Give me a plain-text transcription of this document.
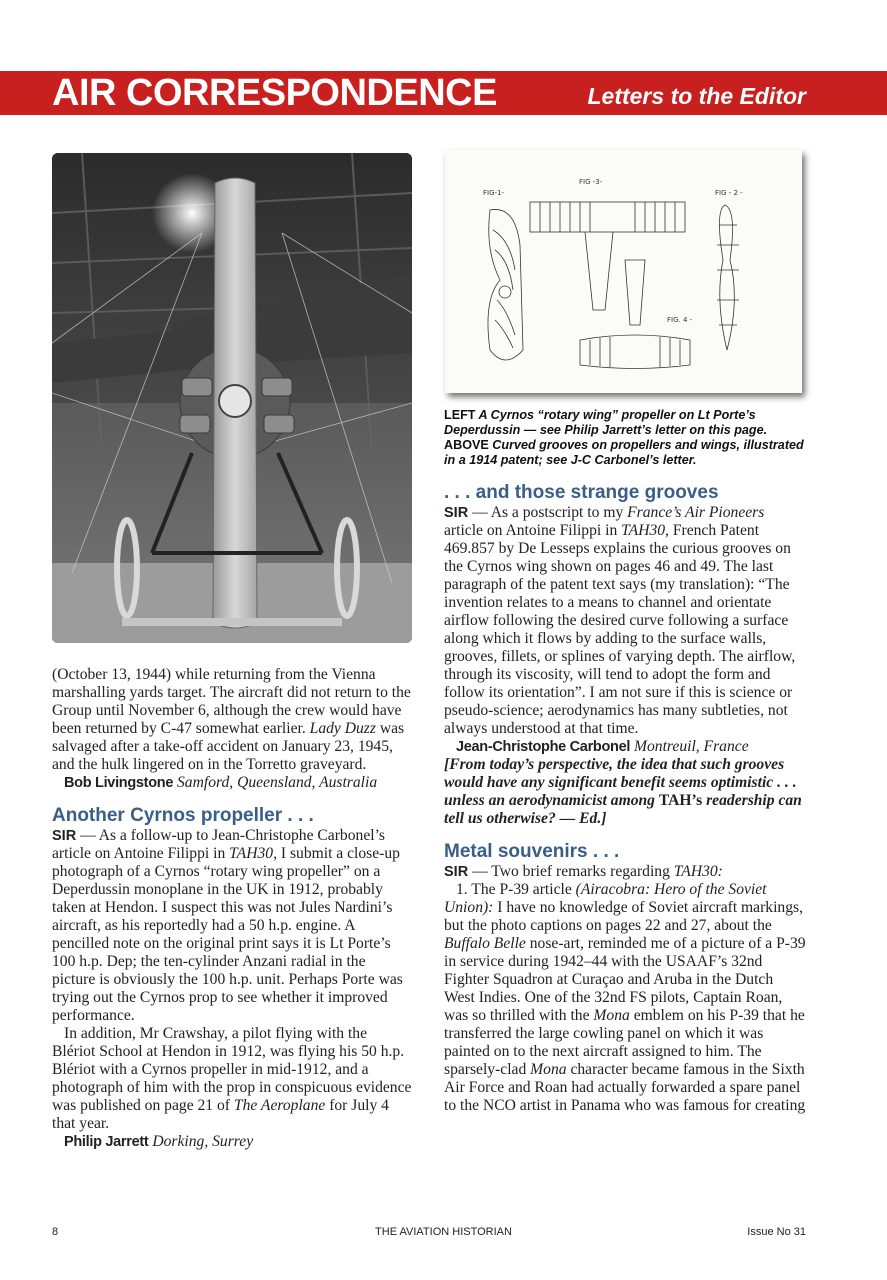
AIR CORRESPONDENCE	Letters to the Editor
FIG-1-
FIG -3-
FIG - 2 -
FIG. 4 -
LEFT A Cyrnos “rotary wing” propeller on Lt Porte’s Deperdussin — see Philip Jarrett’s letter on this page. ABOVE Curved grooves on propellers and wings, illustrated in a 1914 patent; see J-C Carbonel’s letter.

(October 13, 1944) while returning from the Vienna marshalling yards target. The aircraft did not return to the Group until November 6, although the crew would have been returned by C-47 somewhat earlier. Lady Duzz was salvaged after a take-off accident on January 23, 1945, and the hulk lingered on in the Torretto graveyard.

Bob Livingstone Samford, Queensland, Australia

Another Cyrnos propeller . . .

SIR — As a follow-up to Jean-Christophe Carbonel’s article on Antoine Filippi in TAH30, I submit a close-up photograph of a Cyrnos “rotary wing propeller” on a Deperdussin monoplane in the UK in 1912, probably taken at Hendon. I suspect this was not Jules Nardini’s aircraft, as his reportedly had a 50 h.p. engine. A pencilled note on the original print says it is Lt Porte’s 100 h.p. Dep; the ten-cylinder Anzani radial in the picture is obviously the 100 h.p. unit. Perhaps Porte was trying out the Cyrnos prop to see whether it improved performance.

In addition, Mr Crawshay, a pilot flying with the Blériot School at Hendon in 1912, was flying his 50 h.p. Blériot with a Cyrnos propeller in mid-1912, and a photograph of him with the prop in conspicuous evidence was published on page 21 of The Aeroplane for July 4 that year.

Philip Jarrett Dorking, Surrey

. . . and those strange grooves

SIR — As a postscript to my France’s Air Pioneers article on Antoine Filippi in TAH30, French Patent 469.857 by De Lesseps explains the curious grooves on the Cyrnos wing shown on pages 46 and 49. The last paragraph of the patent text says (my translation): “The invention relates to a means to channel and orientate airflow following the desired curve following a surface along which it flows by adding to the surface walls, grooves, fillets, or splines of varying depth. The airflow, through its viscosity, will tend to adopt the form and follow its orientation”. I am not sure if this is science or pseudo-science; aerodynamics has many subtleties, not always understood at that time.

Jean-Christophe Carbonel Montreuil, France

[From today’s perspective, the idea that such grooves would have any significant benefit seems optimistic . . . unless an aerodynamicist among TAH’s readership can tell us otherwise? — Ed.]

Metal souvenirs . . .

SIR — Two brief remarks regarding TAH30:

1. The P-39 article (Airacobra: Hero of the Soviet Union): I have no knowledge of Soviet aircraft markings, but the photo captions on pages 22 and 27, about the Buffalo Belle nose-art, reminded me of a picture of a P-39 in service during 1942–44 with the USAAF’s 32nd Fighter Squadron at Curaçao and Aruba in the Dutch West Indies. One of the 32nd FS pilots, Captain Roan, was so thrilled with the Mona emblem on his P-39 that he transferred the large cowling panel on which it was painted on to the next aircraft assigned to him. The sparsely-clad Mona character became famous in the Sixth Air Force and Roan had actually forwarded a spare panel to the NCO artist in Panama who was famous for creating

8	THE AVIATION HISTORIAN	Issue No 31
